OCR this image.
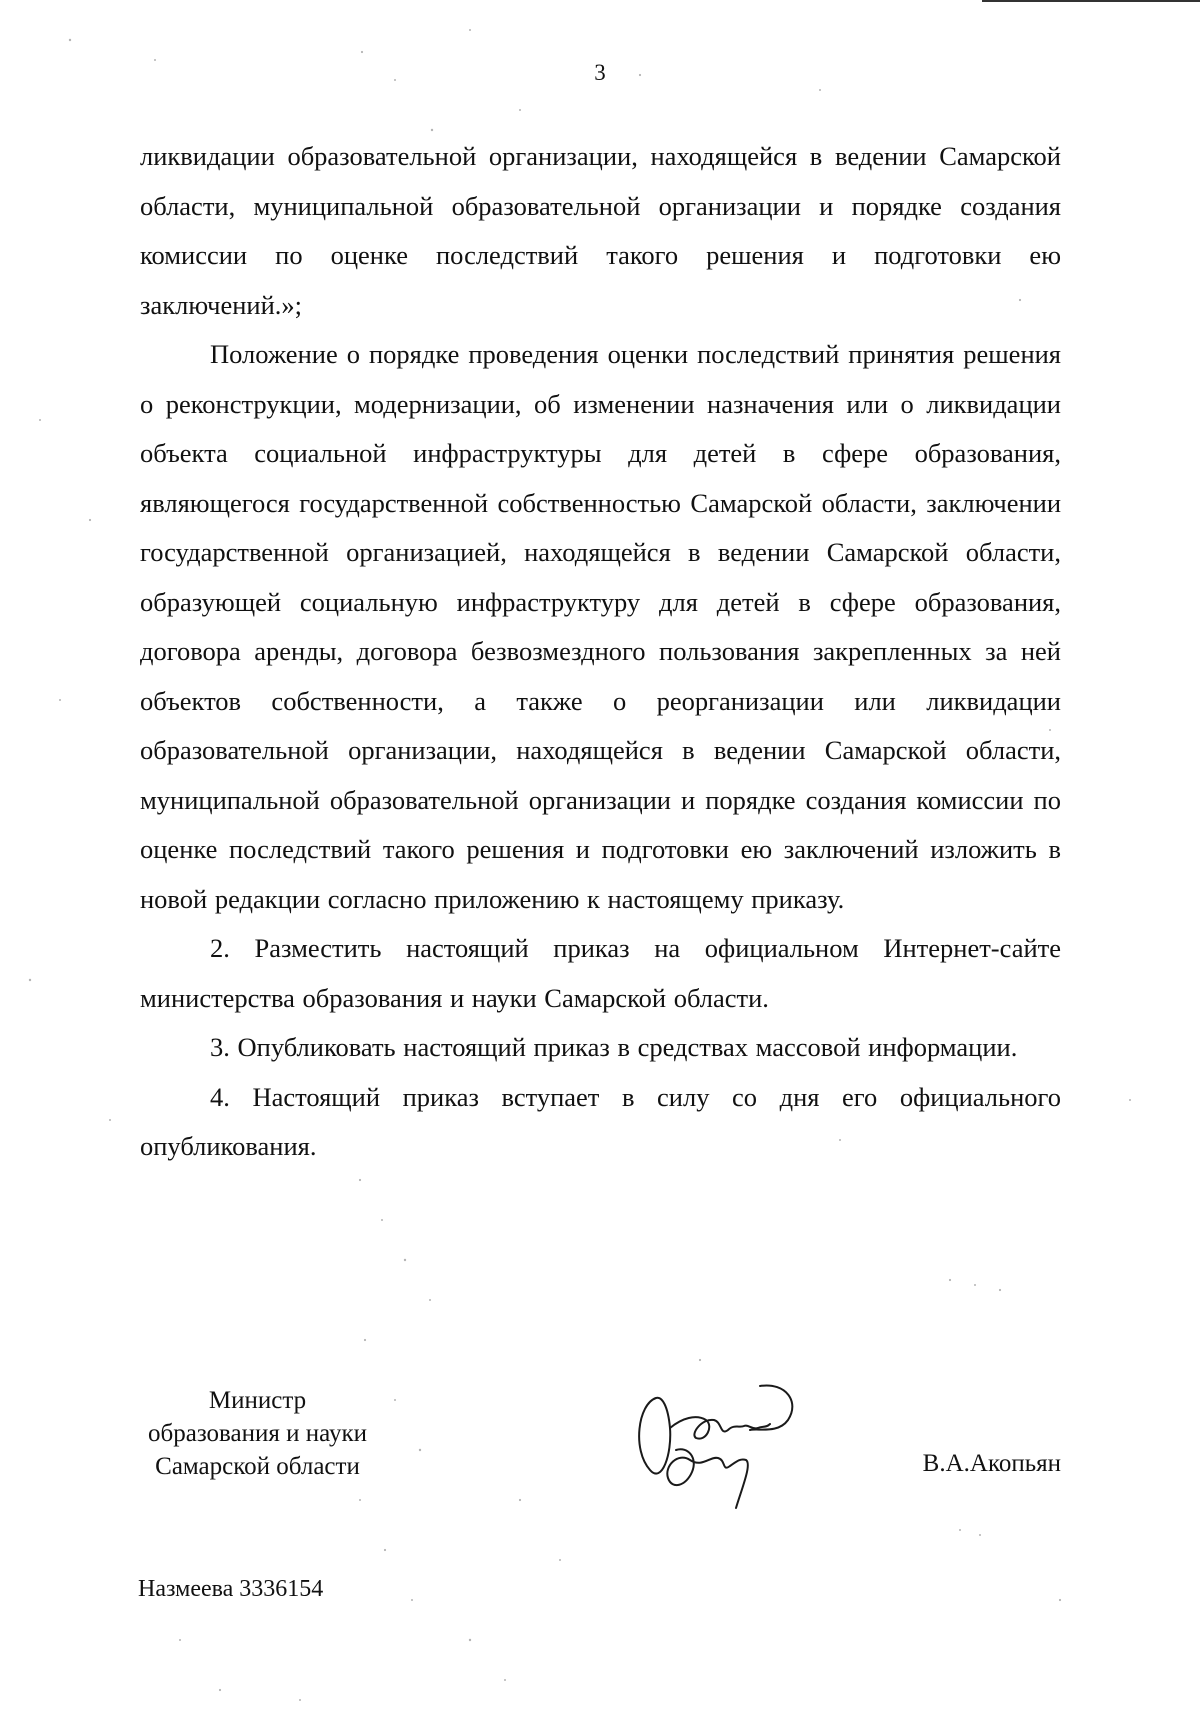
3

ликвидации образовательной организации, находящейся в ведении Самарской области, муниципальной образовательной организации и порядке создания комиссии по оценке последствий такого решения и подготовки ею заключений.»;

Положение о порядке проведения оценки последствий принятия решения о реконструкции, модернизации, об изменении назначения или о ликвидации объекта социальной инфраструктуры для детей в сфере образования, являющегося государственной собственностью Самарской области, заключении государственной организацией, находящейся в ведении Самарской области, образующей социальную инфраструктуру для детей в сфере образования, договора аренды, договора безвозмездного пользования закрепленных за ней объектов собственности, а также о реорганизации или ликвидации образовательной организации, находящейся в ведении Самарской области, муниципальной образовательной организации и порядке создания комиссии по оценке последствий такого решения и подготовки ею заключений изложить в новой редакции согласно приложению к настоящему приказу.

2. Разместить настоящий приказ на официальном Интернет-сайте министерства образования и науки Самарской области.

3. Опубликовать настоящий приказ в средствах массовой информации.

4. Настоящий приказ вступает в силу со дня его официального опубликования.

Министр
образования и науки
Самарской области	В.А.Акопьян
Назмеева 3336154
